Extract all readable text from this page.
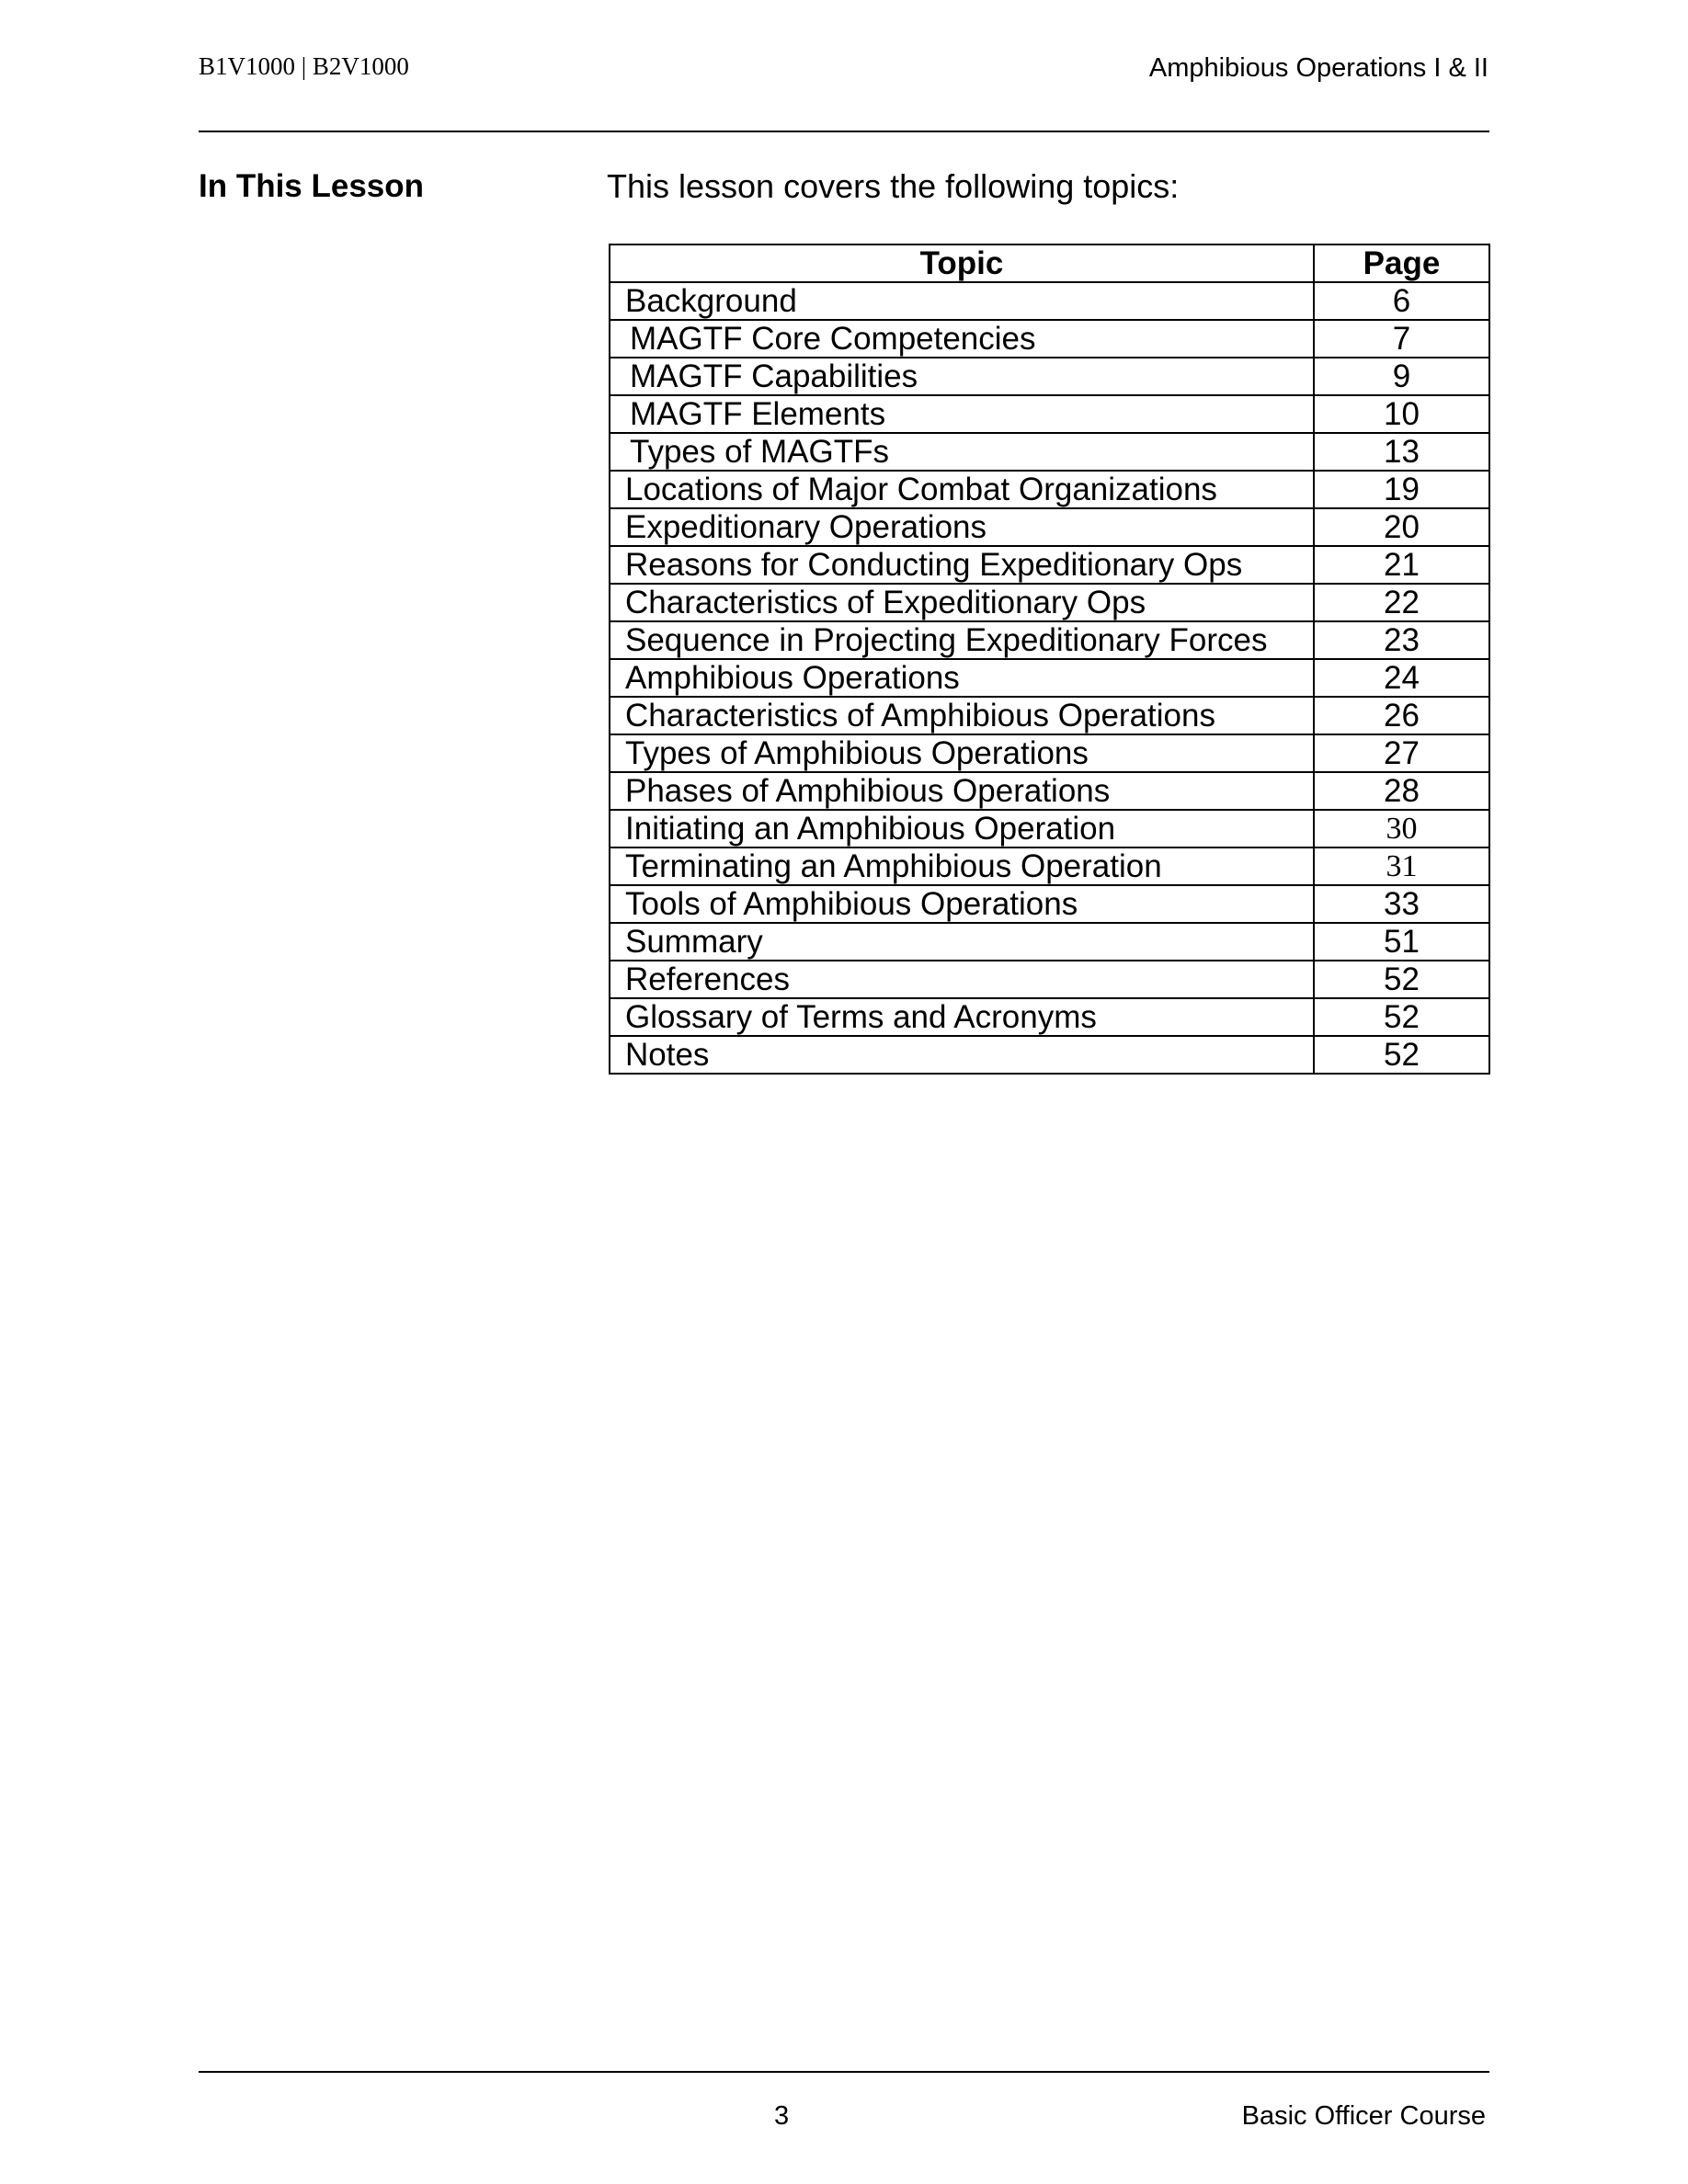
B1V1000 | B2V1000	Amphibious Operations I & II
In This Lesson	This lesson covers the following topics:
Topic	Page
Background	6
MAGTF Core Competencies	7
MAGTF Capabilities	9
MAGTF Elements	10
Types of MAGTFs	13
Locations of Major Combat Organizations	19
Expeditionary Operations	20
Reasons for Conducting Expeditionary Ops	21
Characteristics of Expeditionary Ops	22
Sequence in Projecting Expeditionary Forces	23
Amphibious Operations	24
Characteristics of Amphibious Operations	26
Types of Amphibious Operations	27
Phases of Amphibious Operations	28
Initiating an Amphibious Operation	30
Terminating an Amphibious Operation	31
Tools of Amphibious Operations	33
Summary	51
References	52
Glossary of Terms and Acronyms	52
Notes	52
3	Basic Officer Course
